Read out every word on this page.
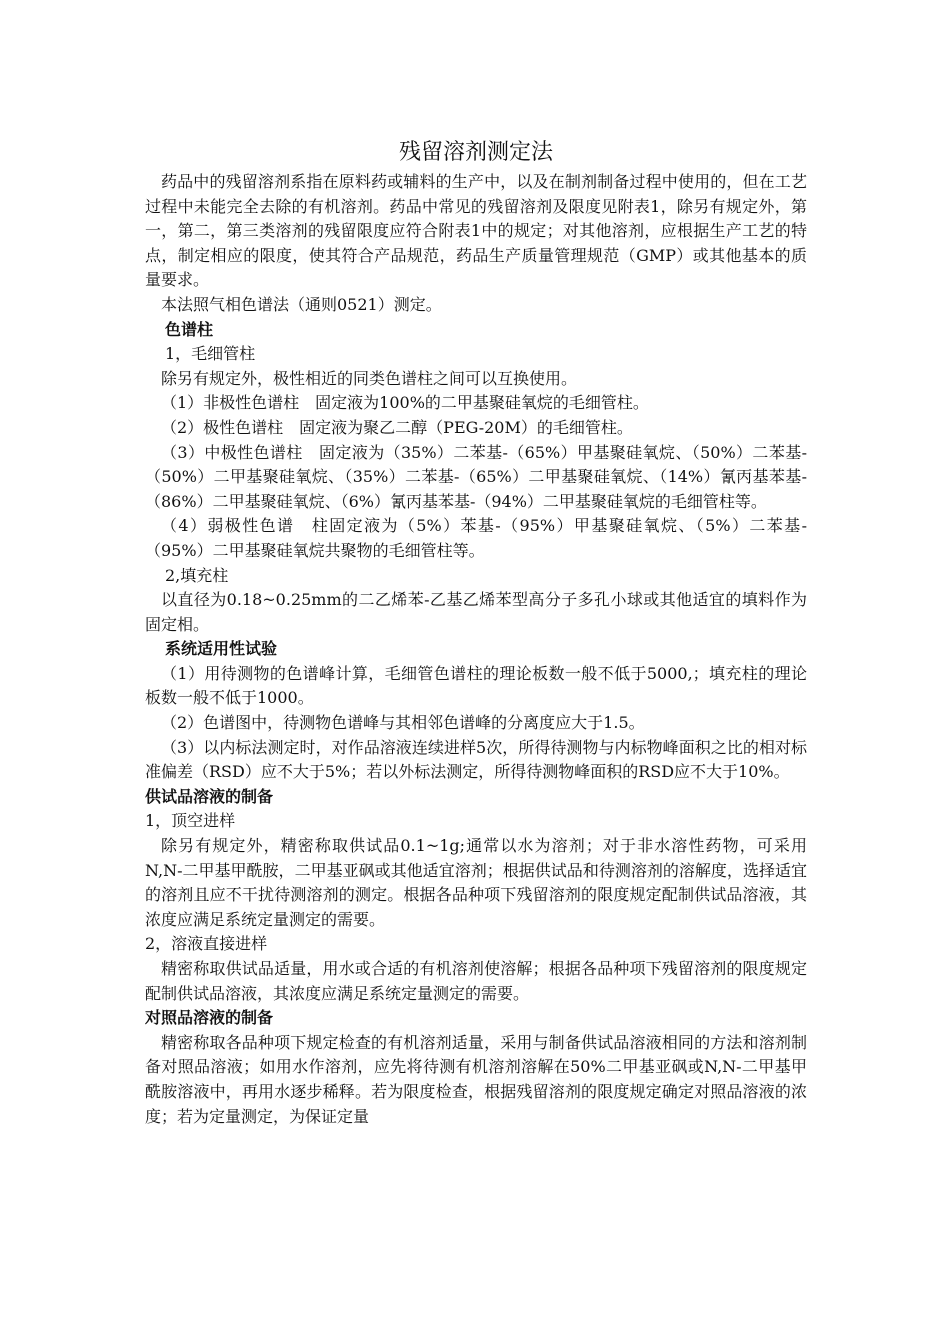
残留溶剂测定法

药品中的残留溶剂系指在原料药或辅料的生产中，以及在制剂制备过程中使用的，但在工艺过程中未能完全去除的有机溶剂。药品中常见的残留溶剂及限度见附表1，除另有规定外，第一，第二，第三类溶剂的残留限度应符合附表1中的规定；对其他溶剂，应根据生产工艺的特点，制定相应的限度，使其符合产品规范，药品生产质量管理规范（GMP）或其他基本的质量要求。

本法照气相色谱法（通则0521）测定。

色谱柱

1，毛细管柱

除另有规定外，极性相近的同类色谱柱之间可以互换使用。

（1）非极性色谱柱　固定液为100%的二甲基聚硅氧烷的毛细管柱。

（2）极性色谱柱　固定液为聚乙二醇（PEG-20M）的毛细管柱。

（3）中极性色谱柱　固定液为（35%）二苯基-（65%）甲基聚硅氧烷、（50%）二苯基-（50%）二甲基聚硅氧烷、（35%）二苯基-（65%）二甲基聚硅氧烷、（14%）氰丙基苯基-（86%）二甲基聚硅氧烷、（6%）氰丙基苯基-（94%）二甲基聚硅氧烷的毛细管柱等。

（4）弱极性色谱　柱固定液为（5%）苯基-（95%）甲基聚硅氧烷、（5%）二苯基-（95%）二甲基聚硅氧烷共聚物的毛细管柱等。

2,填充柱

以直径为0.18~0.25mm的二乙烯苯-乙基乙烯苯型高分子多孔小球或其他适宜的填料作为固定相。

系统适用性试验

（1）用待测物的色谱峰计算，毛细管色谱柱的理论板数一般不低于5000,；填充柱的理论板数一般不低于1000。

（2）色谱图中，待测物色谱峰与其相邻色谱峰的分离度应大于1.5。

（3）以内标法测定时，对作品溶液连续进样5次，所得待测物与内标物峰面积之比的相对标准偏差（RSD）应不大于5%；若以外标法测定，所得待测物峰面积的RSD应不大于10%。

供试品溶液的制备

1，顶空进样

除另有规定外，精密称取供试品0.1~1g;通常以水为溶剂；对于非水溶性药物，可采用N,N-二甲基甲酰胺，二甲基亚砜或其他适宜溶剂；根据供试品和待测溶剂的溶解度，选择适宜的溶剂且应不干扰待测溶剂的测定。根据各品种项下残留溶剂的限度规定配制供试品溶液，其浓度应满足系统定量测定的需要。

2，溶液直接进样

精密称取供试品适量，用水或合适的有机溶剂使溶解；根据各品种项下残留溶剂的限度规定配制供试品溶液，其浓度应满足系统定量测定的需要。

对照品溶液的制备

精密称取各品种项下规定检查的有机溶剂适量，采用与制备供试品溶液相同的方法和溶剂制备对照品溶液；如用水作溶剂，应先将待测有机溶剂溶解在50%二甲基亚砜或N,N-二甲基甲酰胺溶液中，再用水逐步稀释。若为限度检查，根据残留溶剂的限度规定确定对照品溶液的浓度；若为定量测定，为保证定量
